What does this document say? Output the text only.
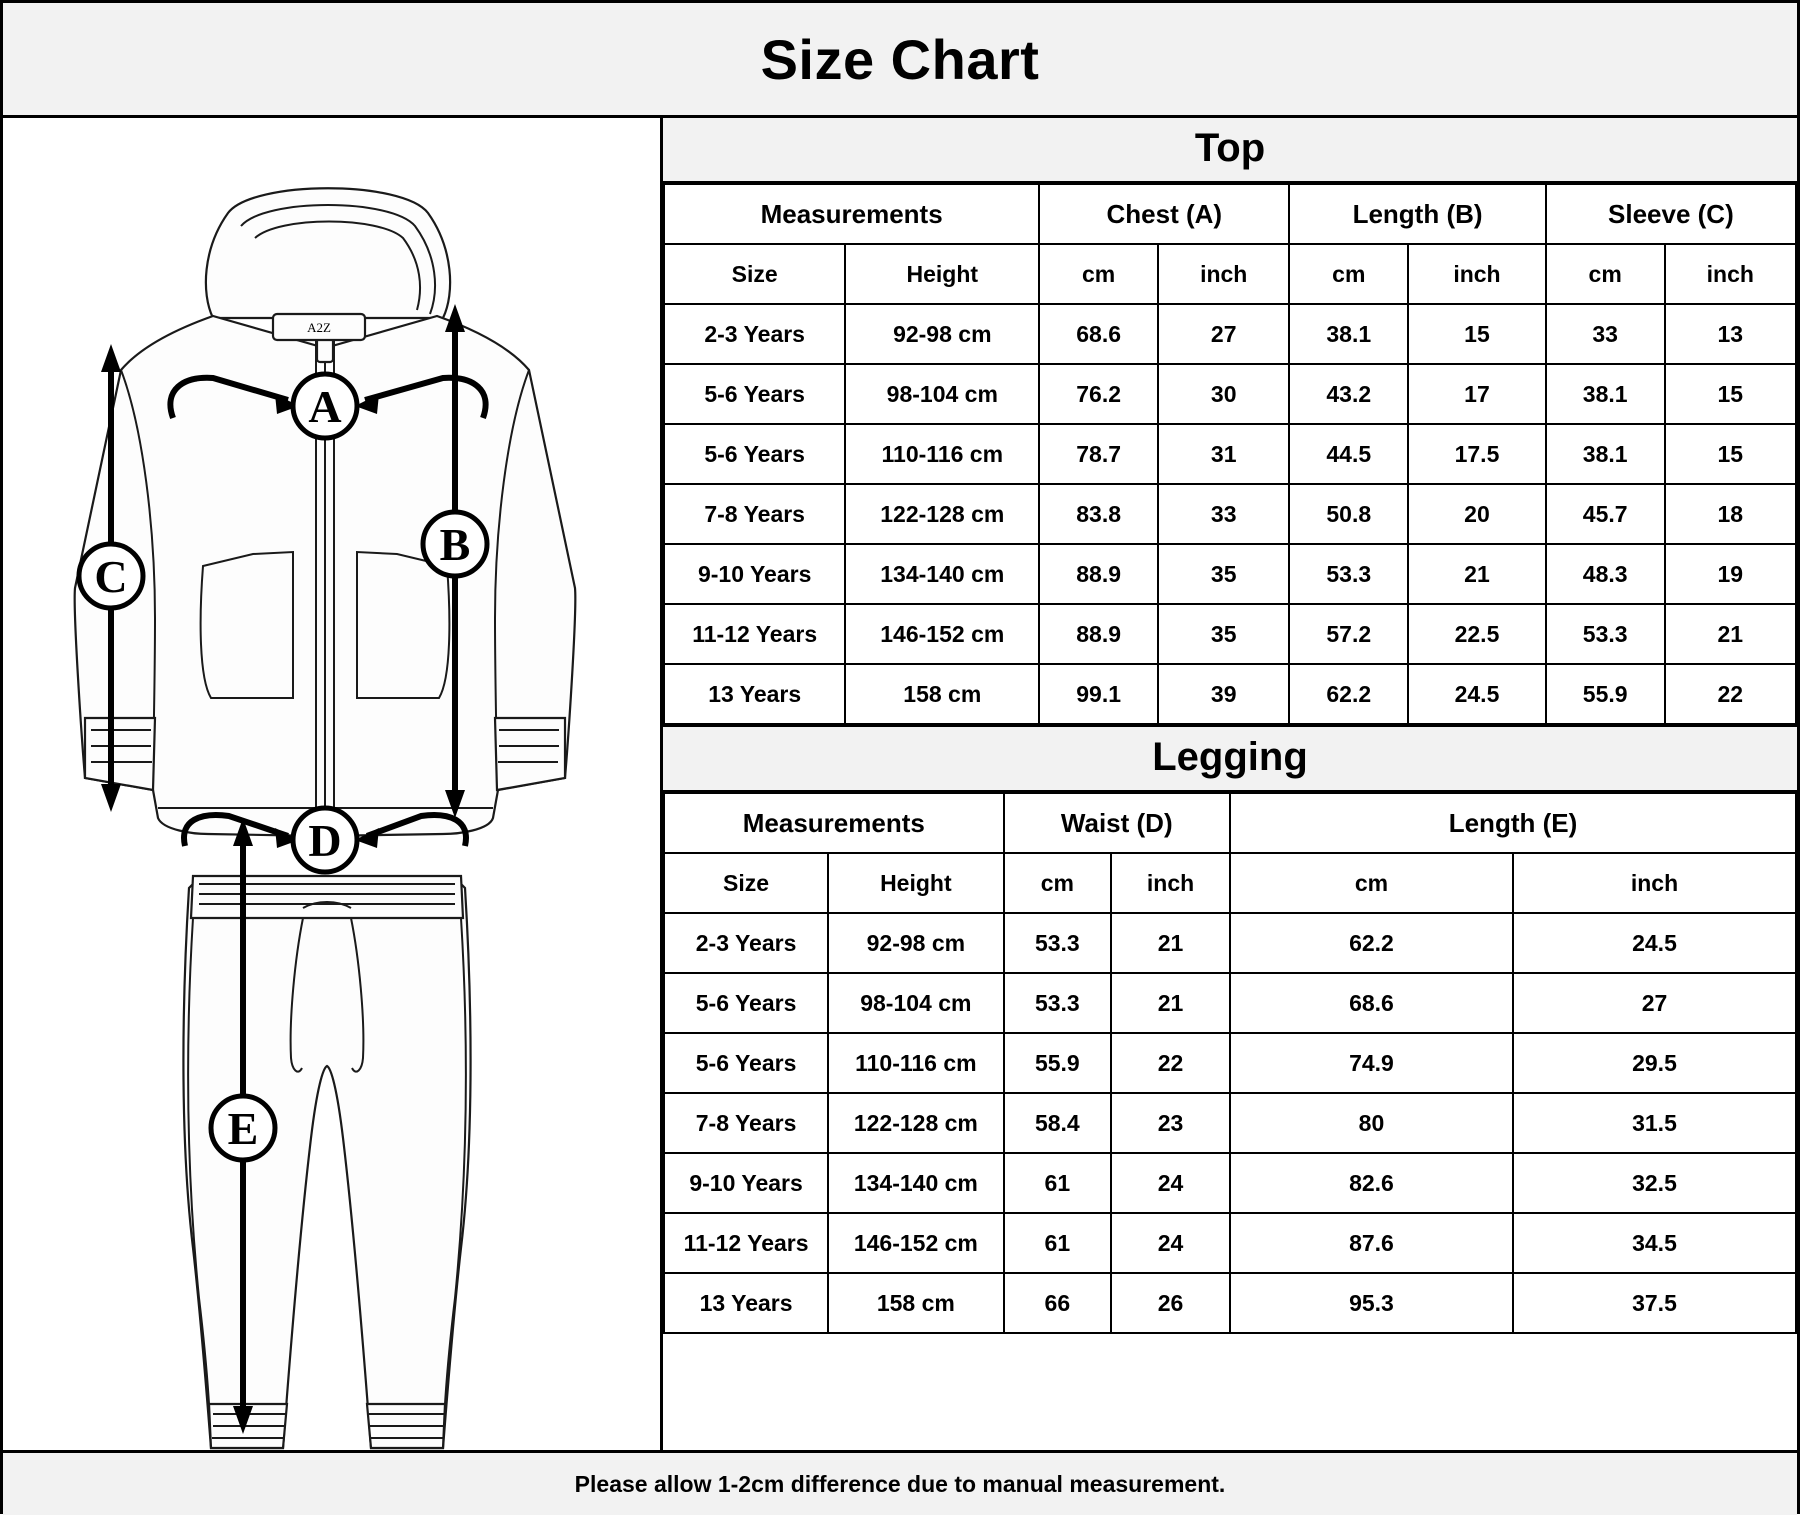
Size Chart
A2Z
A
B
C
D
E
Top
Measurements		Chest (A)		Length (B)		Sleeve (C)	
Size	Height	cm	inch	cm	inch	cm	inch
2-3 Years	92-98 cm	68.6	27	38.1	15	33	13
5-6 Years	98-104 cm	76.2	30	43.2	17	38.1	15
5-6 Years	110-116 cm	78.7	31	44.5	17.5	38.1	15
7-8 Years	122-128 cm	83.8	33	50.8	20	45.7	18
9-10 Years	134-140 cm	88.9	35	53.3	21	48.3	19
11-12 Years	146-152 cm	88.9	35	57.2	22.5	53.3	21
13 Years	158 cm	99.1	39	62.2	24.5	55.9	22
Legging
Measurements		Waist (D)		Length (E)	
Size	Height	cm	inch	cm	inch
2-3 Years	92-98 cm	53.3	21	62.2	24.5
5-6 Years	98-104 cm	53.3	21	68.6	27
5-6 Years	110-116 cm	55.9	22	74.9	29.5
7-8 Years	122-128 cm	58.4	23	80	31.5
9-10 Years	134-140 cm	61	24	82.6	32.5
11-12 Years	146-152 cm	61	24	87.6	34.5
13 Years	158 cm	66	26	95.3	37.5
Please allow 1-2cm difference due to manual measurement.
